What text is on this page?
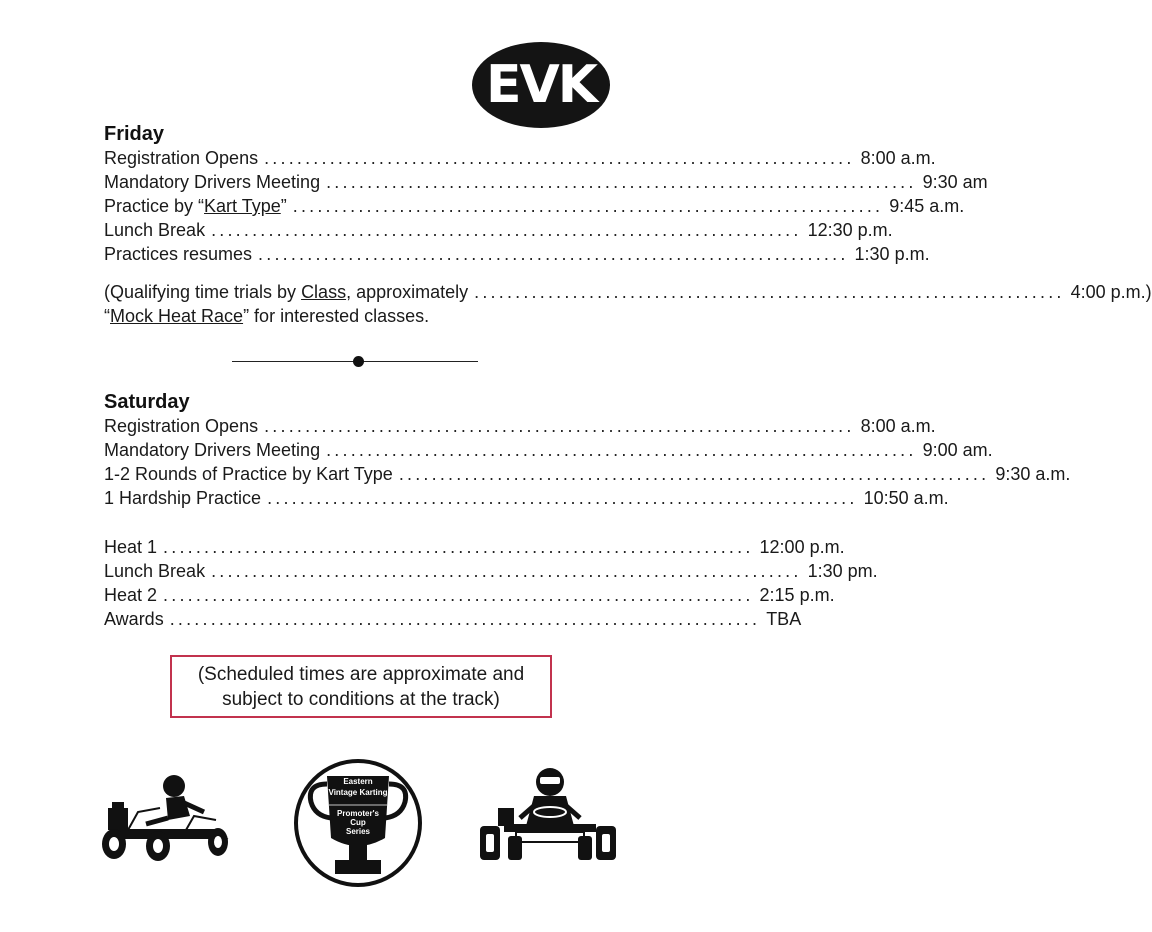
EVK
Friday
Registration Opens ........................................................................ 8:00 a.m.
Mandatory Drivers Meeting ........................................................................ 9:30 am
Practice by “Kart Type” ........................................................................ 9:45 a.m.
Lunch Break ........................................................................ 12:30 p.m.
Practices resumes ........................................................................ 1:30 p.m.
(Qualifying time trials by Class, approximately ........................................................................ 4:00 p.m.)
“Mock Heat Race” for interested classes.
Saturday
Registration Opens ........................................................................ 8:00 a.m.
Mandatory Drivers Meeting ........................................................................ 9:00 am.
1-2 Rounds of Practice by Kart Type ........................................................................ 9:30 a.m.
1 Hardship Practice ........................................................................ 10:50 a.m.
Heat 1 ........................................................................ 12:00 p.m.
Lunch Break ........................................................................ 1:30 pm.
Heat 2 ........................................................................ 2:15 p.m.
Awards ........................................................................ TBA
(Scheduled times are approximate and
subject to conditions at the track)
Eastern
Vintage Karting
Promoter's
Cup
Series
